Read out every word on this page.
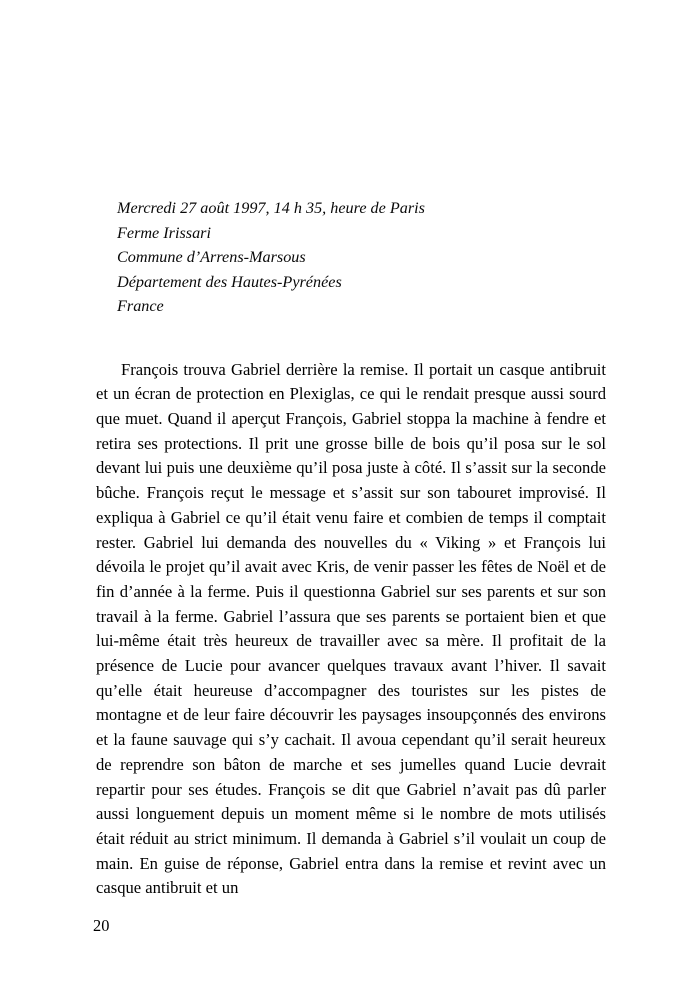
Mercredi 27 août 1997, 14 h 35, heure de Paris
Ferme Irissari
Commune d’Arrens-Marsous
Département des Hautes-Pyrénées
France

François trouva Gabriel derrière la remise. Il portait un casque antibruit et un écran de protection en Plexiglas, ce qui le rendait presque aussi sourd que muet. Quand il aperçut François, Gabriel stoppa la machine à fendre et retira ses protections. Il prit une grosse bille de bois qu’il posa sur le sol devant lui puis une deuxième qu’il posa juste à côté. Il s’assit sur la seconde bûche. François reçut le message et s’assit sur son tabouret improvisé. Il expliqua à Gabriel ce qu’il était venu faire et combien de temps il comptait rester. Gabriel lui demanda des nouvelles du « Viking » et François lui dévoila le projet qu’il avait avec Kris, de venir passer les fêtes de Noël et de fin d’année à la ferme. Puis il questionna Gabriel sur ses parents et sur son travail à la ferme. Gabriel l’assura que ses parents se portaient bien et que lui-même était très heureux de travailler avec sa mère. Il profitait de la présence de Lucie pour avancer quelques travaux avant l’hiver. Il savait qu’elle était heureuse d’accompagner des touristes sur les pistes de montagne et de leur faire découvrir les paysages insoupçonnés des environs et la faune sauvage qui s’y cachait. Il avoua cependant qu’il serait heureux de reprendre son bâton de marche et ses jumelles quand Lucie devrait repartir pour ses études. François se dit que Gabriel n’avait pas dû parler aussi longuement depuis un moment même si le nombre de mots utilisés était réduit au strict minimum. Il demanda à Gabriel s’il voulait un coup de main. En guise de réponse, Gabriel entra dans la remise et revint avec un casque antibruit et un

20
